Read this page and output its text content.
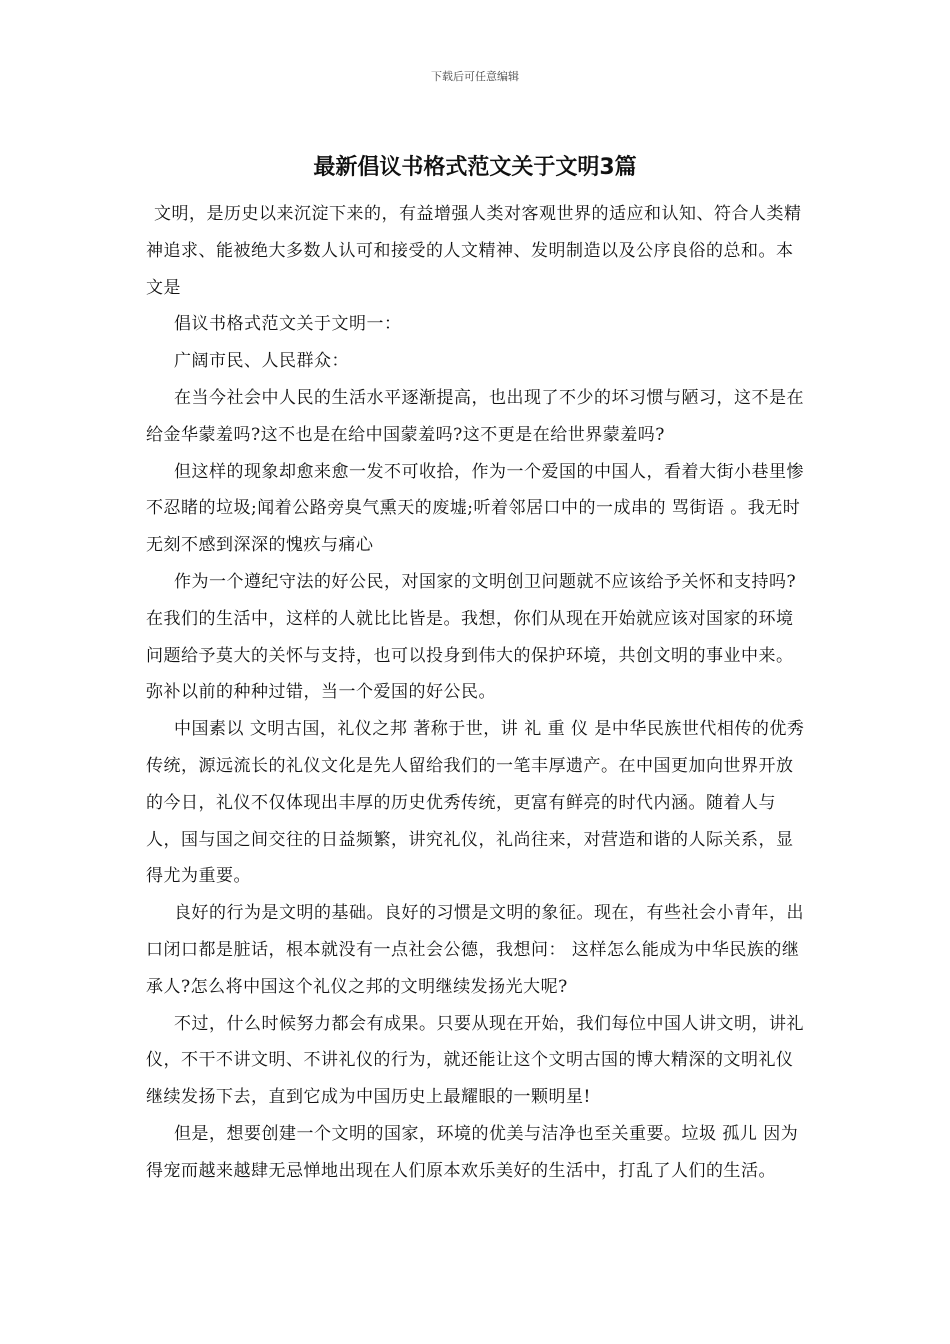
下载后可任意编辑
最新倡议书格式范文关于文明3篇

文明，是历史以来沉淀下来的，有益增强人类对客观世界的适应和认知、符合人类精神追求、能被绝大多数人认可和接受的人文精神、发明制造以及公序良俗的总和。本文是

倡议书格式范文关于文明一：

广阔市民、人民群众：

在当今社会中人民的生活水平逐渐提高，也出现了不少的坏习惯与陋习，这不是在给金华蒙羞吗?这不也是在给中国蒙羞吗?这不更是在给世界蒙羞吗?

但这样的现象却愈来愈一发不可收拾，作为一个爱国的中国人，看着大街小巷里惨不忍睹的垃圾;闻着公路旁臭气熏天的废墟;听着邻居口中的一成串的 骂街语 。我无时无刻不感到深深的愧疚与痛心

作为一个遵纪守法的好公民，对国家的文明创卫问题就不应该给予关怀和支持吗?在我们的生活中，这样的人就比比皆是。我想，你们从现在开始就应该对国家的环境问题给予莫大的关怀与支持，也可以投身到伟大的保护环境，共创文明的事业中来。弥补以前的种种过错，当一个爱国的好公民。

中国素以 文明古国，礼仪之邦 著称于世，讲 礼 重 仪 是中华民族世代相传的优秀传统，源远流长的礼仪文化是先人留给我们的一笔丰厚遗产。在中国更加向世界开放的今日，礼仪不仅体现出丰厚的历史优秀传统，更富有鲜亮的时代内涵。随着人与人，国与国之间交往的日益频繁，讲究礼仪，礼尚往来，对营造和谐的人际关系，显得尤为重要。

良好的行为是文明的基础。良好的习惯是文明的象征。现在，有些社会小青年，出口闭口都是脏话，根本就没有一点社会公德，我想问： 这样怎么能成为中华民族的继承人?怎么将中国这个礼仪之邦的文明继续发扬光大呢?

不过，什么时候努力都会有成果。只要从现在开始，我们每位中国人讲文明，讲礼仪，不干不讲文明、不讲礼仪的行为，就还能让这个文明古国的博大精深的文明礼仪继续发扬下去，直到它成为中国历史上最耀眼的一颗明星!

但是，想要创建一个文明的国家，环境的优美与洁净也至关重要。垃圾 孤儿 因为得宠而越来越肆无忌惮地出现在人们原本欢乐美好的生活中，打乱了人们的生活。
